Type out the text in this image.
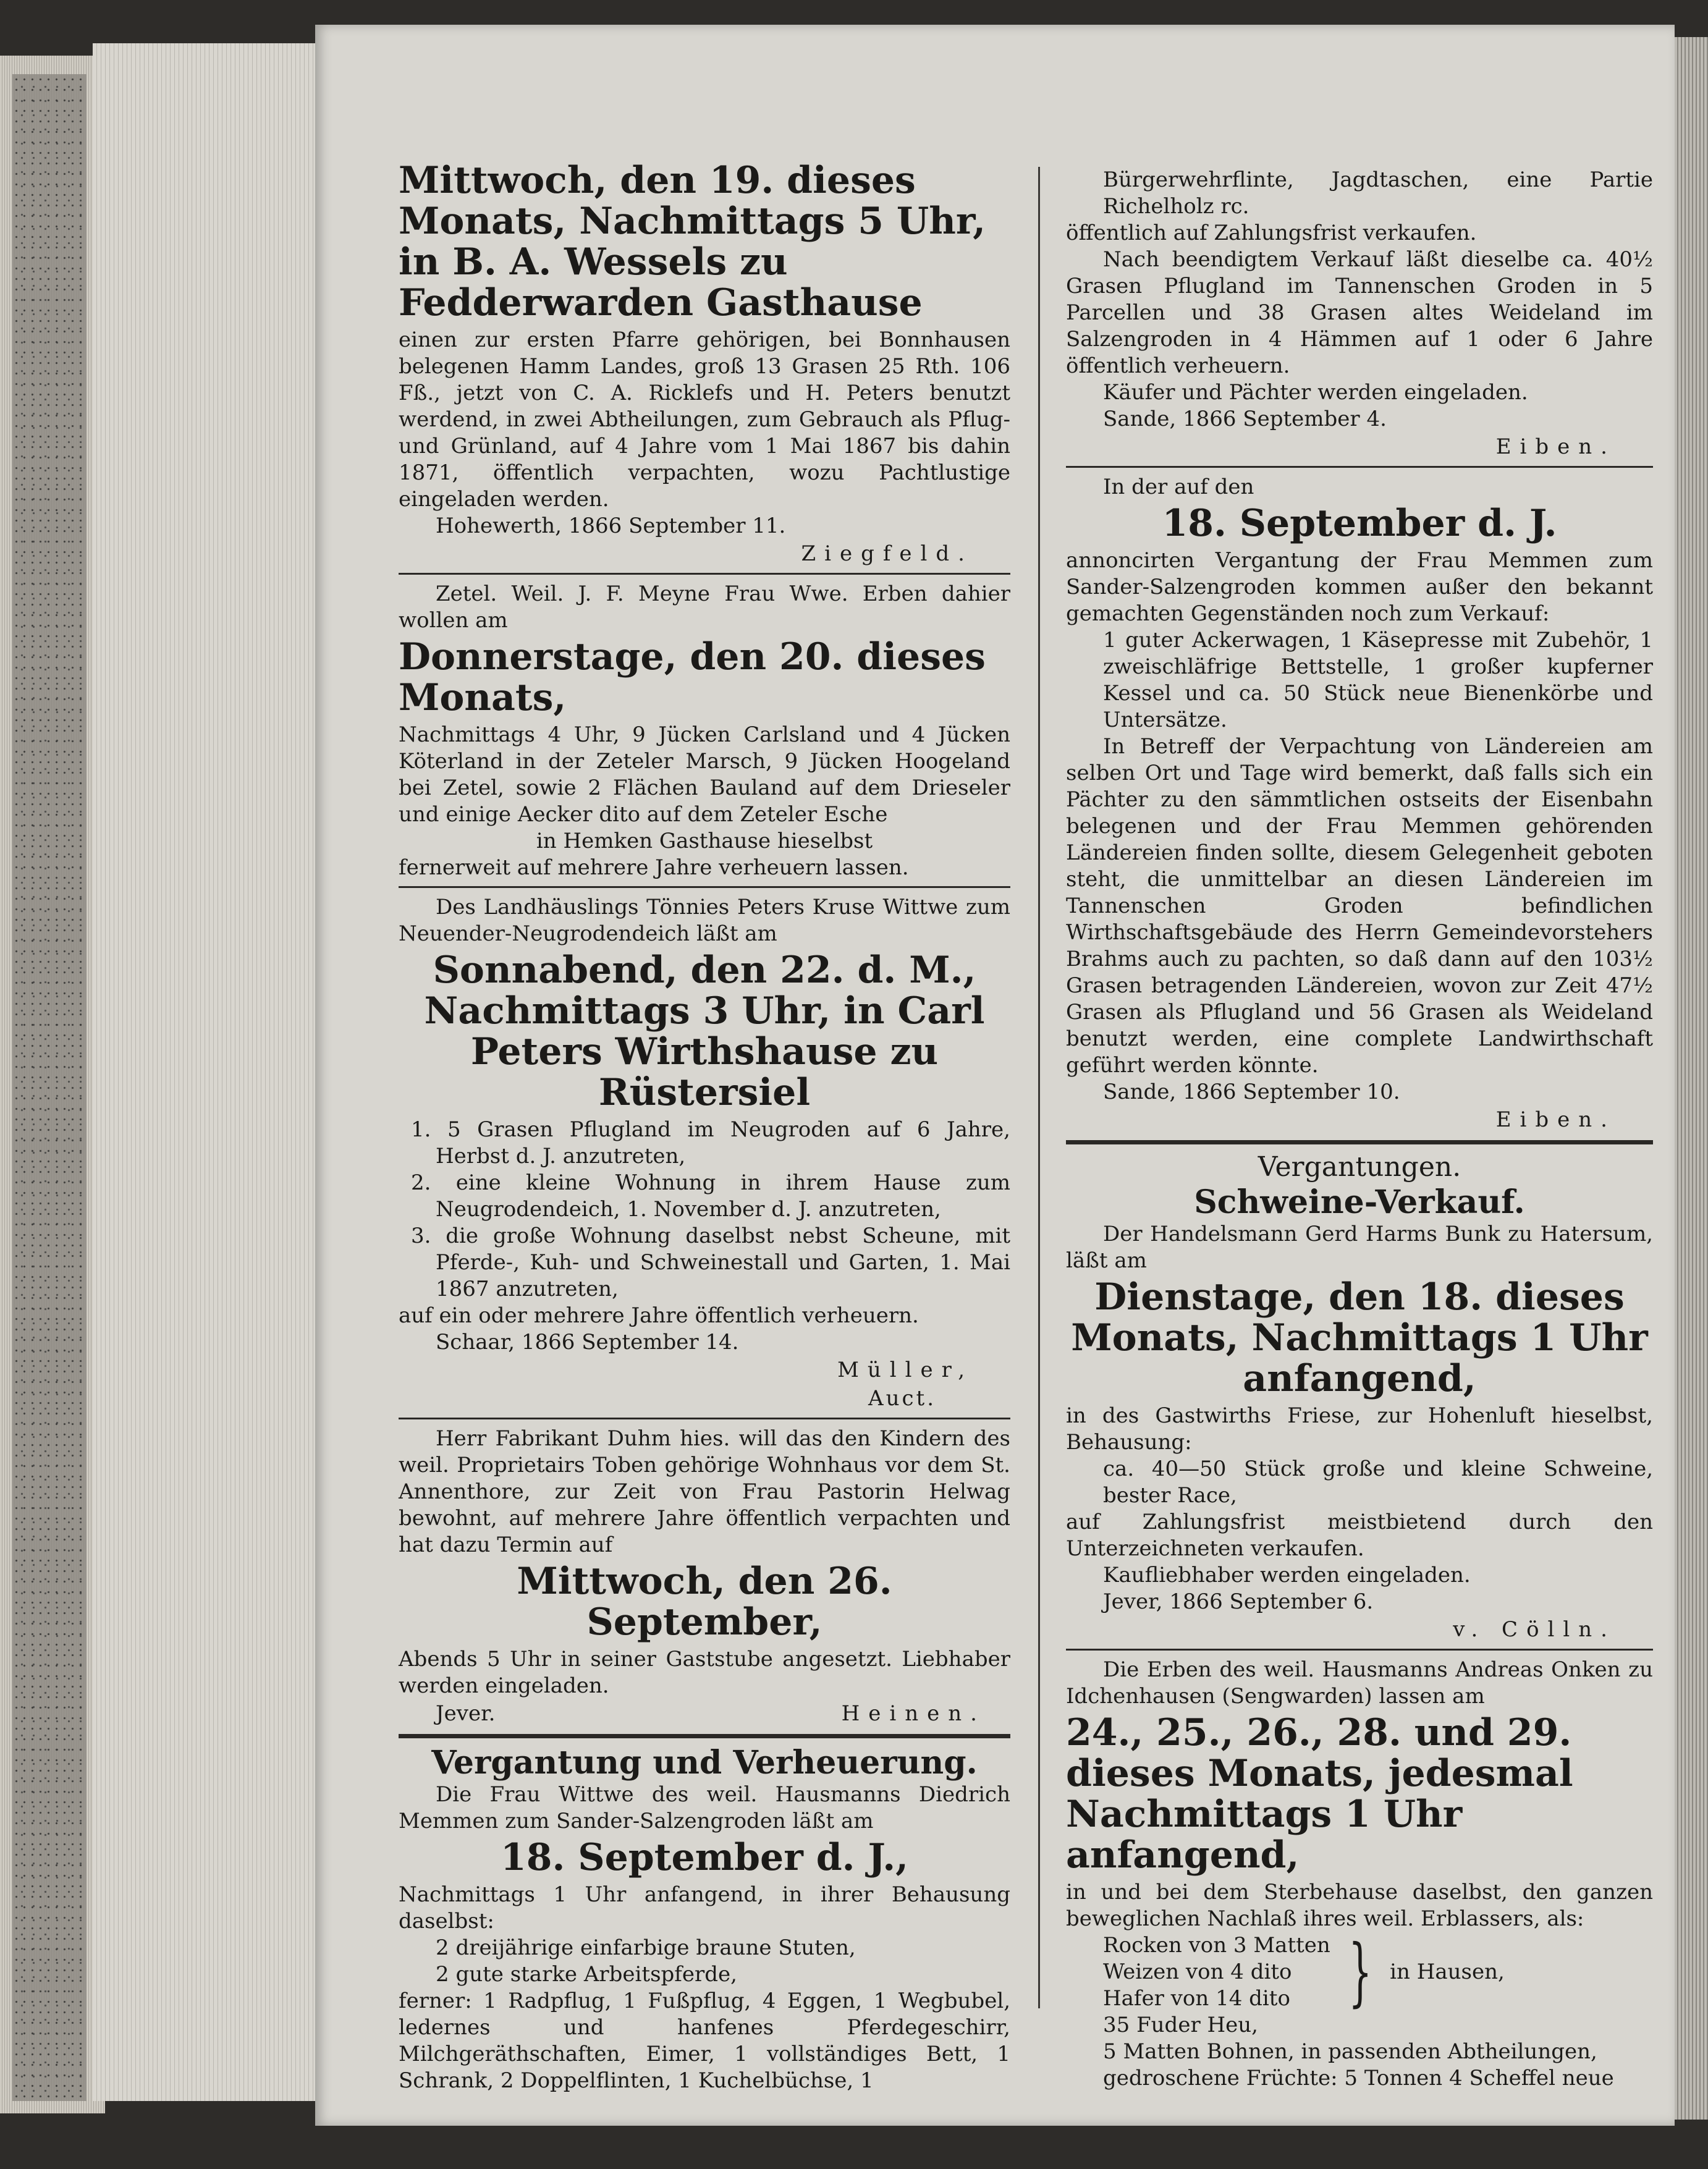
Mittwoch, den 19. dieses Monats, Nachmittags 5 Uhr, in B. A. Wessels zu Fedderwarden Gasthause

einen zur ersten Pfarre gehörigen, bei Bonnhausen belegenen Hamm Landes, groß 13 Grasen 25 Rth. 106 Fß., jetzt von C. A. Ricklefs und H. Peters benutzt werdend, in zwei Abtheilungen, zum Gebrauch als Pflug- und Grünland, auf 4 Jahre vom 1 Mai 1867 bis dahin 1871, öffentlich verpachten, wozu Pachtlustige eingeladen werden.

Hohewerth, 1866 September 11.

Ziegfeld.

Zetel. Weil. J. F. Meyne Frau Wwe. Erben dahier wollen am

Donnerstage, den 20. dieses Monats,

Nachmittags 4 Uhr, 9 Jücken Carlsland und 4 Jücken Köterland in der Zeteler Marsch, 9 Jücken Hoogeland bei Zetel, sowie 2 Flächen Bauland auf dem Drieseler und einige Aecker dito auf dem Zeteler Esche

in Hemken Gasthause hieselbst

fernerweit auf mehrere Jahre verheuern lassen.

Des Landhäuslings Tönnies Peters Kruse Wittwe zum Neuender-Neugrodendeich läßt am

Sonnabend, den 22. d. M., Nachmittags 3 Uhr, in Carl Peters Wirthshause zu Rüstersiel

1. 5 Grasen Pflugland im Neugroden auf 6 Jahre, Herbst d. J. anzutreten,

2. eine kleine Wohnung in ihrem Hause zum Neugrodendeich, 1. November d. J. anzutreten,

3. die große Wohnung daselbst nebst Scheune, mit Pferde-, Kuh- und Schweinestall und Garten, 1. Mai 1867 anzutreten,

auf ein oder mehrere Jahre öffentlich verheuern.

Schaar, 1866 September 14.

Müller,

Auct.

Herr Fabrikant Duhm hies. will das den Kindern des weil. Proprietairs Toben gehörige Wohnhaus vor dem St. Annenthore, zur Zeit von Frau Pastorin Helwag bewohnt, auf mehrere Jahre öffentlich verpachten und hat dazu Termin auf

Mittwoch, den 26. September,

Abends 5 Uhr in seiner Gaststube angesetzt. Liebhaber werden eingeladen.

Jever.	Heinen.

Vergantung und Verheuerung.

Die Frau Wittwe des weil. Hausmanns Diedrich Memmen zum Sander-Salzengroden läßt am

18. September d. J.,

Nachmittags 1 Uhr anfangend, in ihrer Behausung daselbst:

2 dreijährige einfarbige braune Stuten,

2 gute starke Arbeitspferde,

ferner: 1 Radpflug, 1 Fußpflug, 4 Eggen, 1 Wegbubel, ledernes und hanfenes Pferdegeschirr, Milchgeräthschaften, Eimer, 1 vollständiges Bett, 1 Schrank, 2 Doppelflinten, 1 Kuchelbüchse, 1

Bürgerwehrflinte, Jagdtaschen, eine Partie Richelholz rc.

öffentlich auf Zahlungsfrist verkaufen.

Nach beendigtem Verkauf läßt dieselbe ca. 40½ Grasen Pflugland im Tannenschen Groden in 5 Parcellen und 38 Grasen altes Weideland im Salzengroden in 4 Hämmen auf 1 oder 6 Jahre öffentlich verheuern.

Käufer und Pächter werden eingeladen.

Sande, 1866 September 4.

Eiben.

In der auf den

18. September d. J.

annoncirten Vergantung der Frau Memmen zum Sander-Salzengroden kommen außer den bekannt gemachten Gegenständen noch zum Verkauf:

1 guter Ackerwagen, 1 Käsepresse mit Zubehör, 1 zweischläfrige Bettstelle, 1 großer kupferner Kessel und ca. 50 Stück neue Bienenkörbe und Untersätze.

In Betreff der Verpachtung von Ländereien am selben Ort und Tage wird bemerkt, daß falls sich ein Pächter zu den sämmtlichen ostseits der Eisenbahn belegenen und der Frau Memmen gehörenden Ländereien finden sollte, diesem Gelegenheit geboten steht, die unmittelbar an diesen Ländereien im Tannenschen Groden befindlichen Wirthschaftsgebäude des Herrn Gemeindevorstehers Brahms auch zu pachten, so daß dann auf den 103½ Grasen betragenden Ländereien, wovon zur Zeit 47½ Grasen als Pflugland und 56 Grasen als Weideland benutzt werden, eine complete Landwirthschaft geführt werden könnte.

Sande, 1866 September 10.

Eiben.

Vergantungen.

Schweine-Verkauf.

Der Handelsmann Gerd Harms Bunk zu Hatersum, läßt am

Dienstage, den 18. dieses Monats, Nachmittags 1 Uhr anfangend,

in des Gastwirths Friese, zur Hohenluft hieselbst, Behausung:

ca. 40—50 Stück große und kleine Schweine, bester Race,

auf Zahlungsfrist meistbietend durch den Unterzeichneten verkaufen.

Kaufliebhaber werden eingeladen.

Jever, 1866 September 6.

v. Cölln.

Die Erben des weil. Hausmanns Andreas Onken zu Idchenhausen (Sengwarden) lassen am

24., 25., 26., 28. und 29. dieses Monats, jedesmal Nachmittags 1 Uhr anfangend,

in und bei dem Sterbehause daselbst, den ganzen beweglichen Nachlaß ihres weil. Erblassers, als:

Rocken von 3 Matten

Weizen von 4 dito

Hafer von 14 dito } in Hausen,

35 Fuder Heu,

5 Matten Bohnen, in passenden Abtheilungen,

gedroschene Früchte: 5 Tonnen 4 Scheffel neue
